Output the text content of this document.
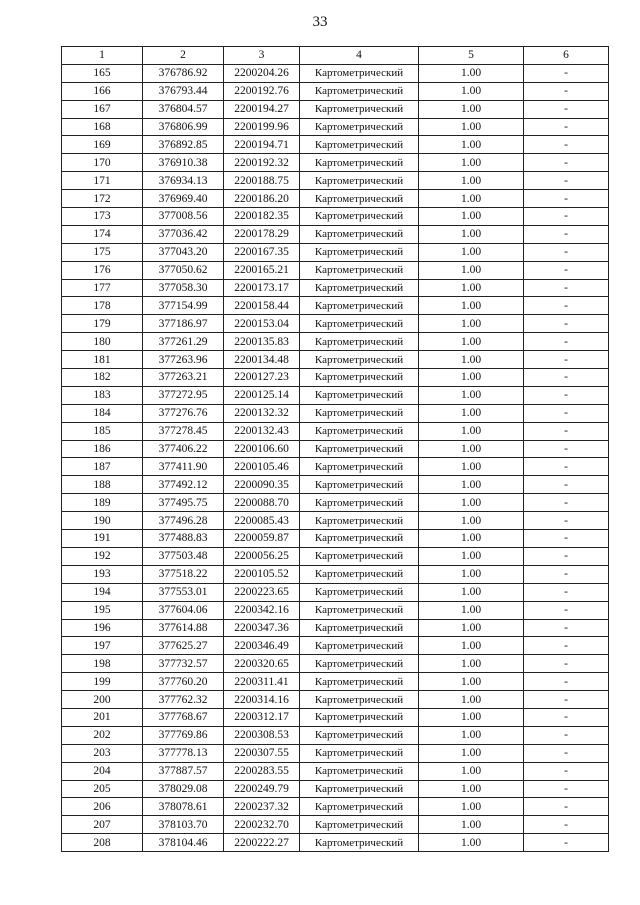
33
1	2	3	4	5	6
165	376786.92	2200204.26	Картометрический	1.00	-
166	376793.44	2200192.76	Картометрический	1.00	-
167	376804.57	2200194.27	Картометрический	1.00	-
168	376806.99	2200199.96	Картометрический	1.00	-
169	376892.85	2200194.71	Картометрический	1.00	-
170	376910.38	2200192.32	Картометрический	1.00	-
171	376934.13	2200188.75	Картометрический	1.00	-
172	376969.40	2200186.20	Картометрический	1.00	-
173	377008.56	2200182.35	Картометрический	1.00	-
174	377036.42	2200178.29	Картометрический	1.00	-
175	377043.20	2200167.35	Картометрический	1.00	-
176	377050.62	2200165.21	Картометрический	1.00	-
177	377058.30	2200173.17	Картометрический	1.00	-
178	377154.99	2200158.44	Картометрический	1.00	-
179	377186.97	2200153.04	Картометрический	1.00	-
180	377261.29	2200135.83	Картометрический	1.00	-
181	377263.96	2200134.48	Картометрический	1.00	-
182	377263.21	2200127.23	Картометрический	1.00	-
183	377272.95	2200125.14	Картометрический	1.00	-
184	377276.76	2200132.32	Картометрический	1.00	-
185	377278.45	2200132.43	Картометрический	1.00	-
186	377406.22	2200106.60	Картометрический	1.00	-
187	377411.90	2200105.46	Картометрический	1.00	-
188	377492.12	2200090.35	Картометрический	1.00	-
189	377495.75	2200088.70	Картометрический	1.00	-
190	377496.28	2200085.43	Картометрический	1.00	-
191	377488.83	2200059.87	Картометрический	1.00	-
192	377503.48	2200056.25	Картометрический	1.00	-
193	377518.22	2200105.52	Картометрический	1.00	-
194	377553.01	2200223.65	Картометрический	1.00	-
195	377604.06	2200342.16	Картометрический	1.00	-
196	377614.88	2200347.36	Картометрический	1.00	-
197	377625.27	2200346.49	Картометрический	1.00	-
198	377732.57	2200320.65	Картометрический	1.00	-
199	377760.20	2200311.41	Картометрический	1.00	-
200	377762.32	2200314.16	Картометрический	1.00	-
201	377768.67	2200312.17	Картометрический	1.00	-
202	377769.86	2200308.53	Картометрический	1.00	-
203	377778.13	2200307.55	Картометрический	1.00	-
204	377887.57	2200283.55	Картометрический	1.00	-
205	378029.08	2200249.79	Картометрический	1.00	-
206	378078.61	2200237.32	Картометрический	1.00	-
207	378103.70	2200232.70	Картометрический	1.00	-
208	378104.46	2200222.27	Картометрический	1.00	-
